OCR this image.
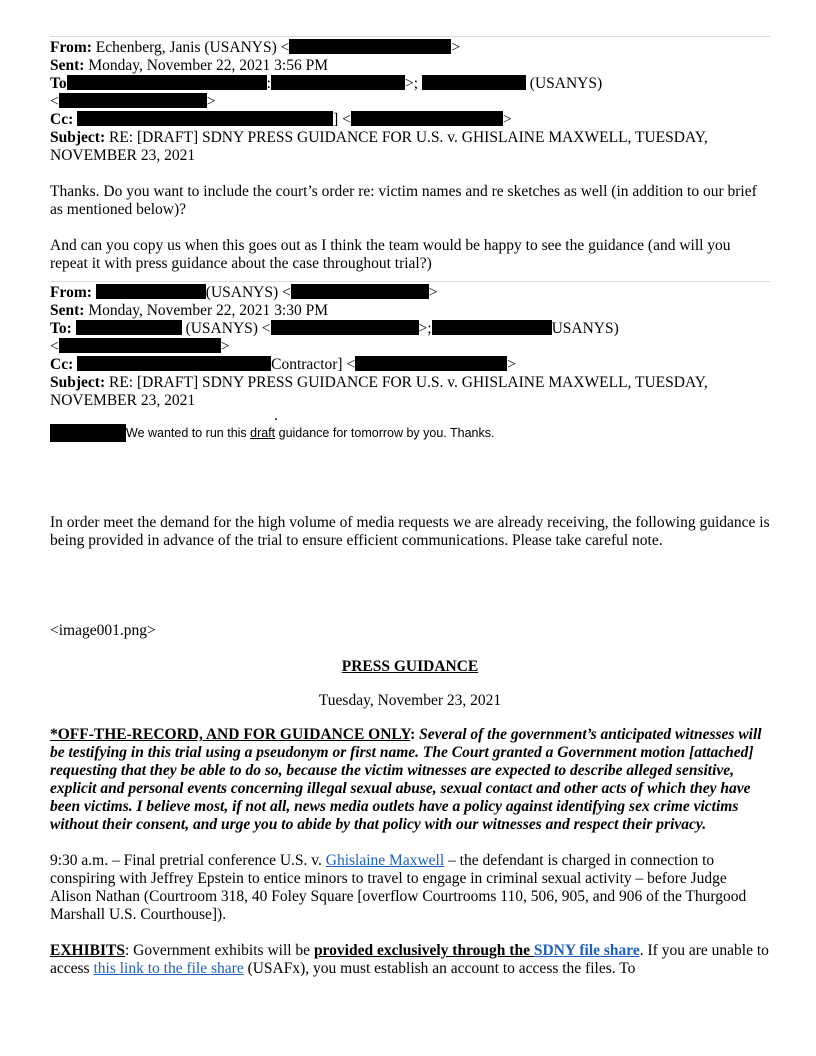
From: Echenberg, Janis (USANYS) <	>
Sent: Monday, November 22, 2021 3:56 PM
To	:	>;	(USANYS)
<	>
Cc:	] <	>
Subject: RE: [DRAFT] SDNY PRESS GUIDANCE FOR U.S. v. GHISLAINE MAXWELL, TUESDAY, NOVEMBER 23, 2021

Thanks. Do you want to include the court’s order re: victim names and re sketches as well (in addition to our brief as mentioned below)?

And can you copy us when this goes out as I think the team would be happy to see the guidance (and will you repeat it with press guidance about the case throughout trial?)

From:	(USANYS) <	>
Sent: Monday, November 22, 2021 3:30 PM
To:	(USANYS) <	>;	USANYS)
<	>
Cc:	Contractor] <	>
Subject: RE: [DRAFT] SDNY PRESS GUIDANCE FOR U.S. v. GHISLAINE MAXWELL, TUESDAY, NOVEMBER 23, 2021
.
We wanted to run this draft guidance for tomorrow by you. Thanks.

In order meet the demand for the high volume of media requests we are already receiving, the following guidance is being provided in advance of the trial to ensure efficient communications. Please take careful note.

<image001.png>

PRESS GUIDANCE

Tuesday, November 23, 2021

*OFF-THE-RECORD, AND FOR GUIDANCE ONLY: Several of the government’s anticipated witnesses will be testifying in this trial using a pseudonym or first name. The Court granted a Government motion [attached] requesting that they be able to do so, because the victim witnesses are expected to describe alleged sensitive, explicit and personal events concerning illegal sexual abuse, sexual contact and other acts of which they have been victims. I believe most, if not all, news media outlets have a policy against identifying sex crime victims without their consent, and urge you to abide by that policy with our witnesses and respect their privacy.

9:30 a.m. – Final pretrial conference U.S. v. Ghislaine Maxwell – the defendant is charged in connection to conspiring with Jeffrey Epstein to entice minors to travel to engage in criminal sexual activity – before Judge Alison Nathan (Courtroom 318, 40 Foley Square [overflow Courtrooms 110, 506, 905, and 906 of the Thurgood Marshall U.S. Courthouse]).

EXHIBITS: Government exhibits will be provided exclusively through the SDNY file share. If you are unable to access this link to the file share (USAFx), you must establish an account to access the files. To
